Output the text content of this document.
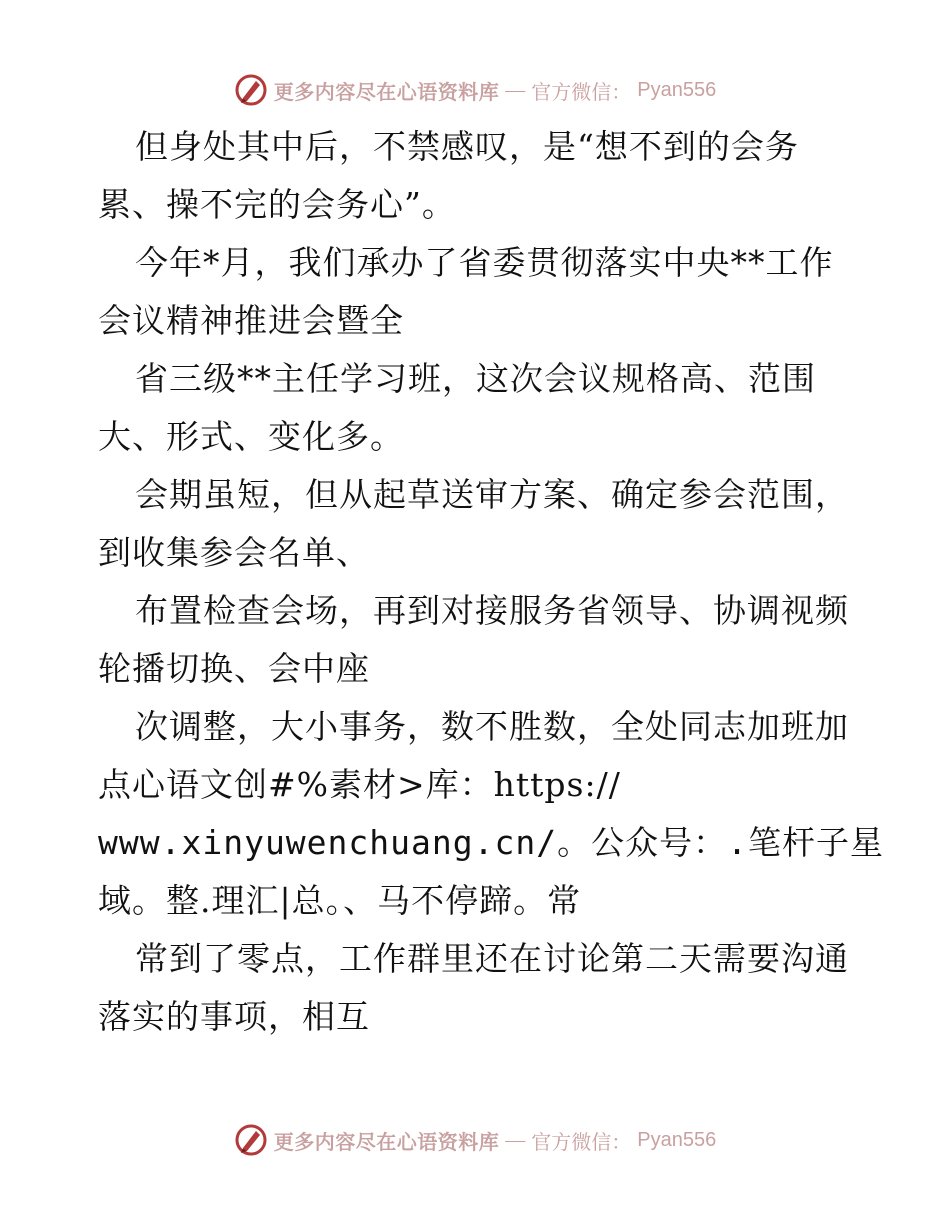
更多内容尽在心语资料库 — 官方微信： Pyan556
但身处其中后，不禁感叹，是“想不到的会务
累、操不完的会务心”。
今年*月，我们承办了省委贯彻落实中央**工作
会议精神推进会暨全
省三级**主任学习班，这次会议规格高、范围
大、形式、变化多。
会期虽短，但从起草送审方案、确定参会范围，
到收集参会名单、
布置检查会场，再到对接服务省领导、协调视频
轮播切换、会中座
次调整，大小事务，数不胜数，全处同志加班加
点心语文创#%素材>库：https://
www.xinyuwenchuang.cn/。公众号：.笔杆子星
域。整.理汇|总。、马不停蹄。常
常到了零点，工作群里还在讨论第二天需要沟通
落实的事项，相互
更多内容尽在心语资料库 — 官方微信： Pyan556
